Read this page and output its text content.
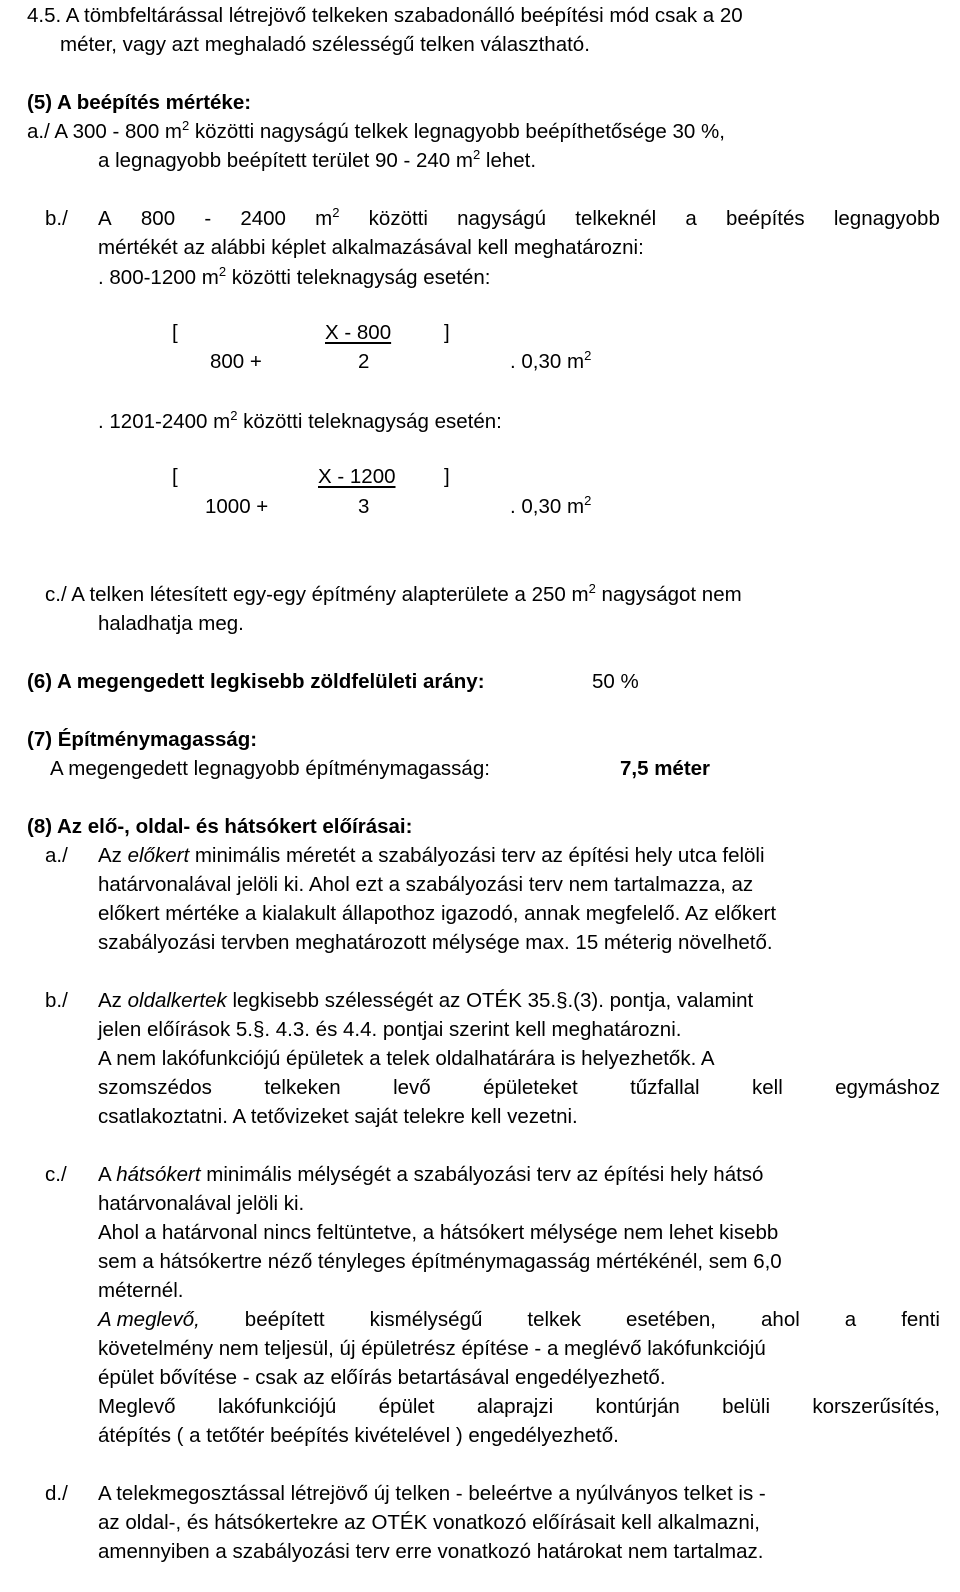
4.5. A tömbfeltárással létrejövő telkeken szabadonálló beépítési mód csak a 20
méter, vagy azt meghaladó szélességű telken választható.
(5) A beépítés mértéke:
a./ A 300 - 800 $m^2$ közötti nagyságú telkek legnagyobb beépíthetősége 30 %,
a legnagyobb beépített terület 90 - 240 $m^2$ lehet.
b./ A 800 - 2400 $m^2$ közötti nagyságú telkeknél a beépítés legnagyobb
mértékét az alábbi képlet alkalmazásával kell meghatározni:
. 800-1200 $m^2$ közötti teleknagyság esetén:
[	X - 800	]
800 +	2	. 0,30 $m^2$
. 1201-2400 $m^2$ közötti teleknagyság esetén:
[	X - 1200 ]
1000 +	3	. 0,30 $m^2$
c./ A telken létesített egy-egy építmény alapterülete a 250 $m^2$ nagyságot nem
haladhatja meg.
(6) A megengedett legkisebb zöldfelületi arány:	50 %
(7) Építménymagasság:
A megengedett legnagyobb építménymagasság:	7,5 méter
(8) Az elő-, oldal- és hátsókert előírásai:
a./ Az előkert minimális méretét a szabályozási terv az építési hely utca felöli
határvonalával jelöli ki. Ahol ezt a szabályozási terv nem tartalmazza, az
előkert mértéke a kialakult állapothoz igazodó, annak megfelelő. Az előkert
szabályozási tervben meghatározott mélysége max. 15 méterig növelhető.
b./ Az oldalkertek legkisebb szélességét az OTÉK 35.§.(3). pontja, valamint
jelen előírások 5.§. 4.3. és 4.4. pontjai szerint kell meghatározni.
A nem lakófunkciójú épületek a telek oldalhatárára is helyezhetők. A
szomszédos	telkeken	levő	épületeket	tűzfallal	kell	egymáshoz
csatlakoztatni. A tetővizeket saját telekre kell vezetni.
c./ A hátsókert minimális mélységét a szabályozási terv az építési hely hátsó
határvonalával jelöli ki.
Ahol a határvonal nincs feltüntetve, a hátsókert mélysége nem lehet kisebb
sem a hátsókertre néző tényleges építménymagasság mértékénél, sem 6,0
méternél.
A meglevő, beépített kismélységű telkek esetében, ahol a fenti
követelmény nem teljesül, új épületrész építése - a meglévő lakófunkciójú
épület bővítése - csak az előírás betartásával engedélyezhető.
Meglevő lakófunkciójú épület alaprajzi kontúrján belüli korszerűsítés,
átépítés ( a tetőtér beépítés kivételével ) engedélyezhető.
d./ A telekmegosztással létrejövő új telken - beleértve a nyúlványos telket is -
az oldal-, és hátsókertekre az OTÉK vonatkozó előírásait kell alkalmazni,
amennyiben a szabályozási terv erre vonatkozó határokat nem tartalmaz.
